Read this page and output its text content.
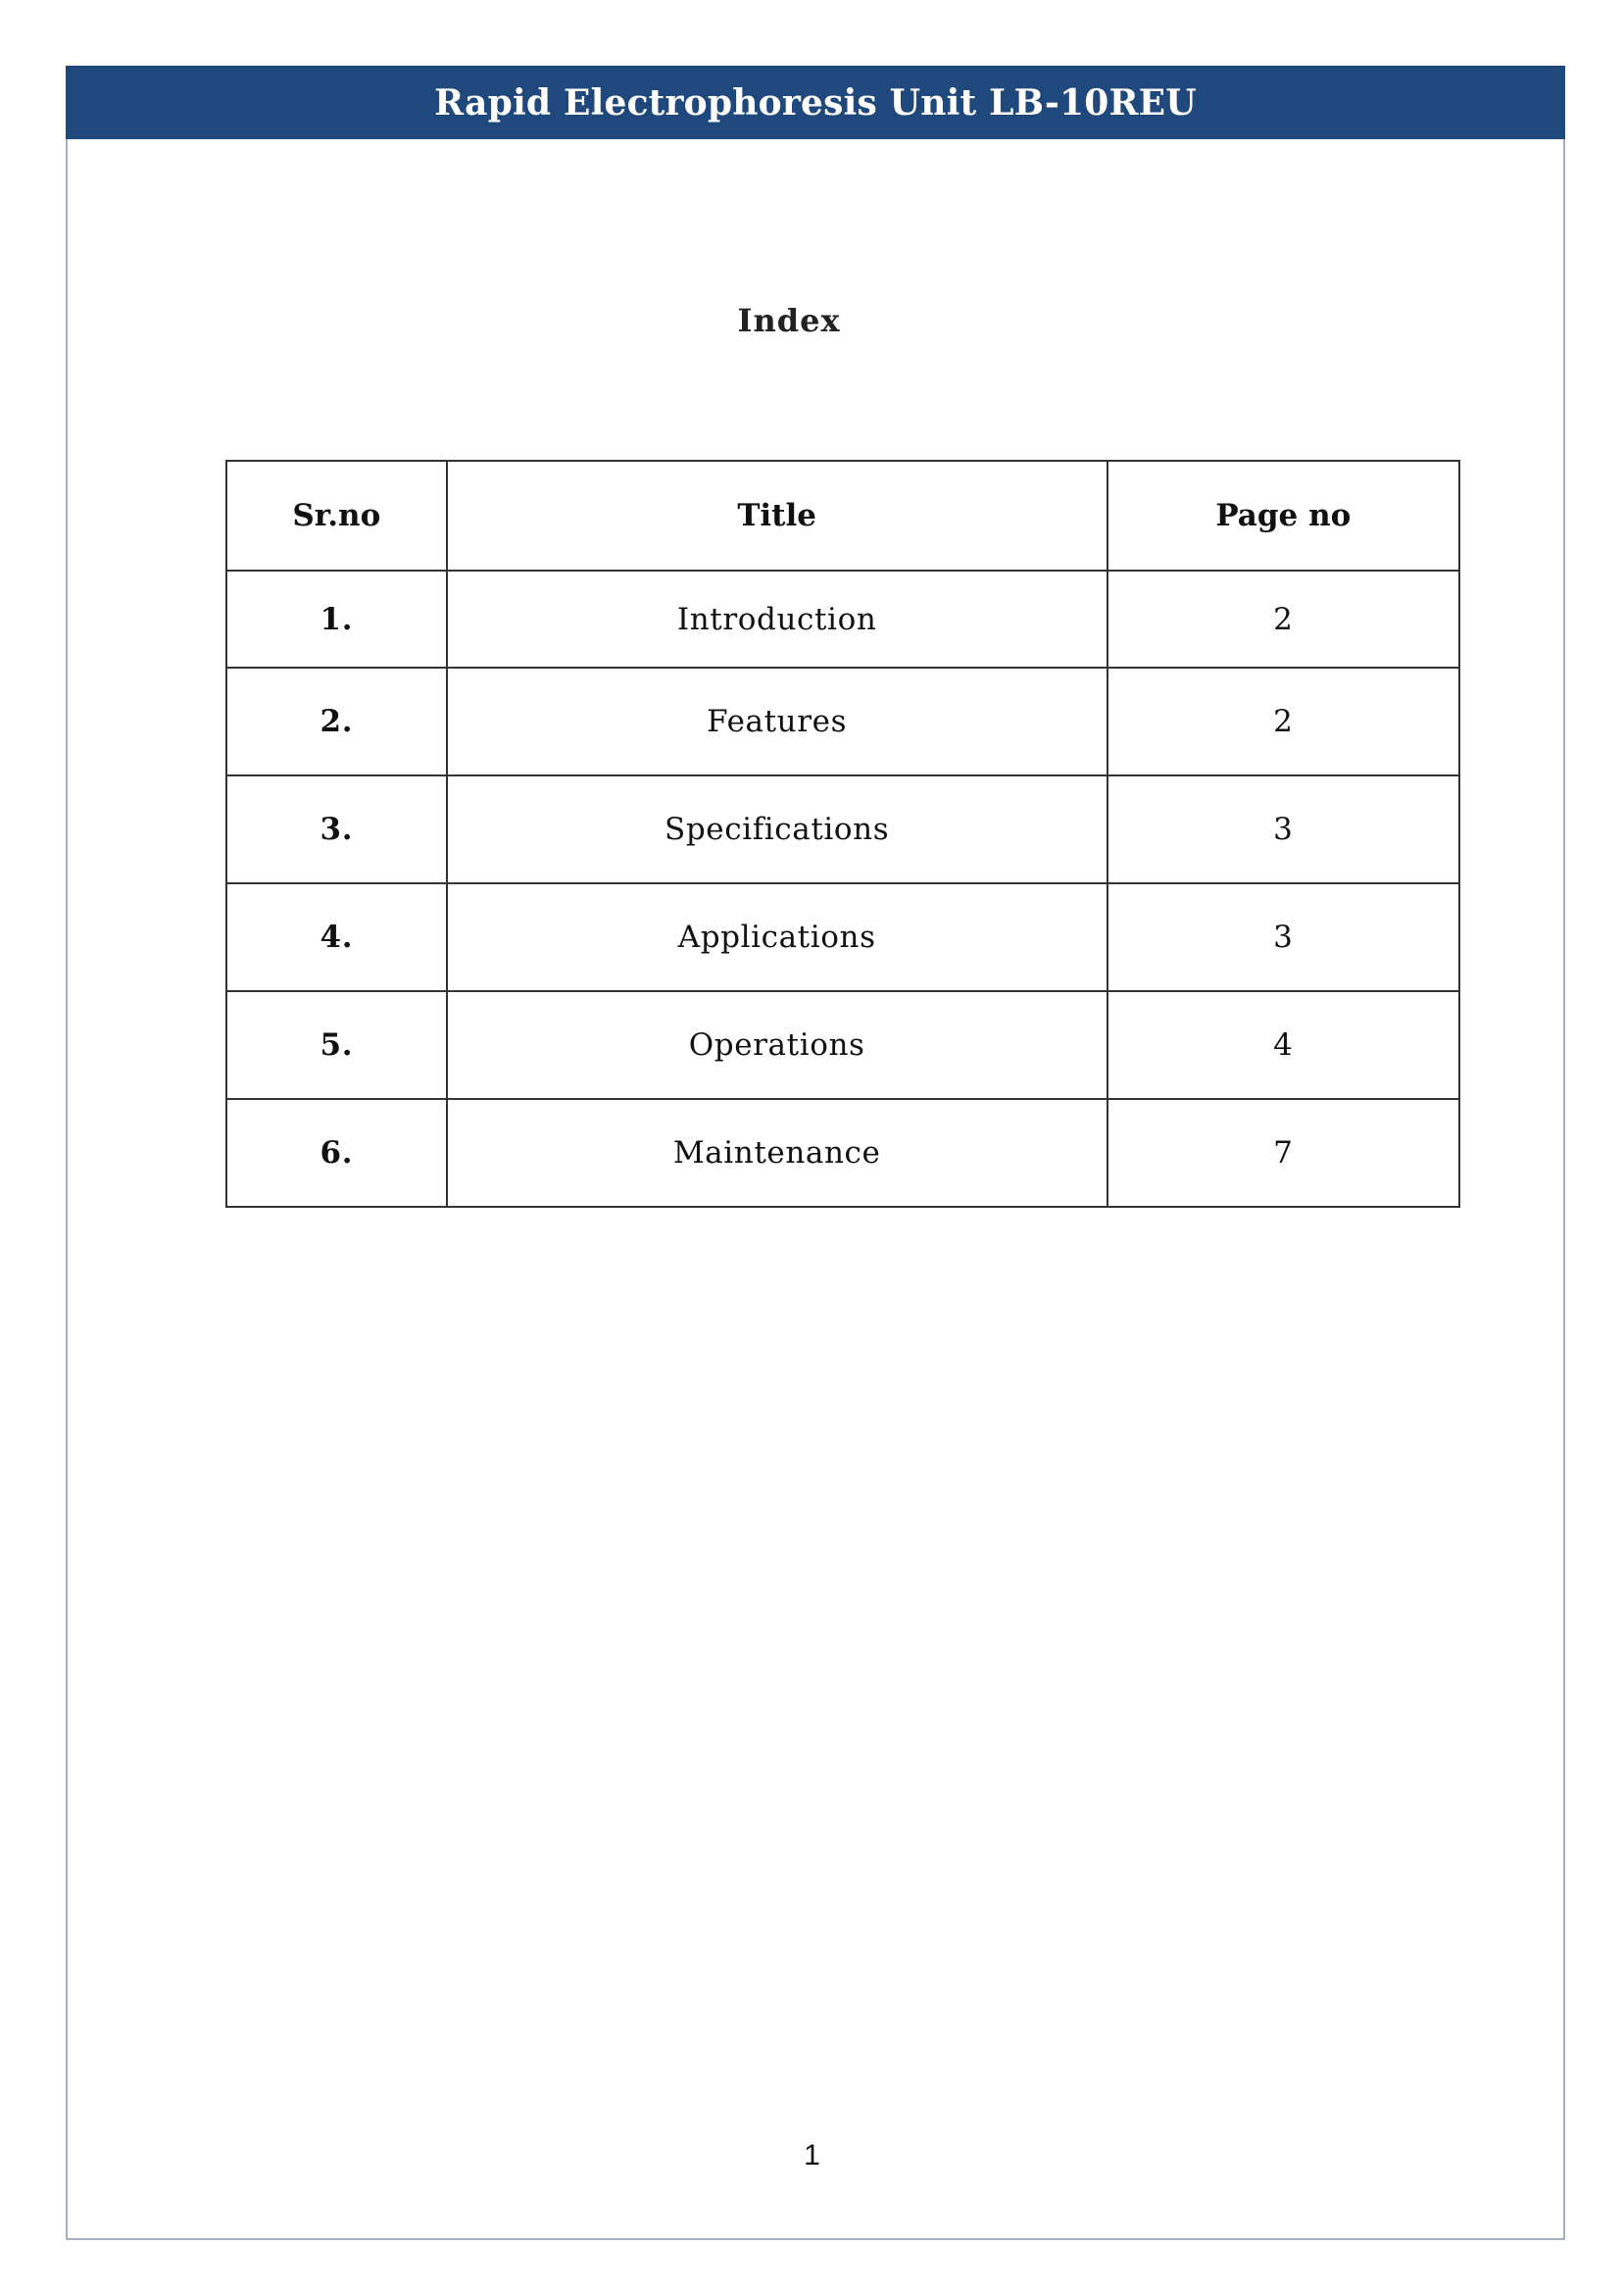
Rapid Electrophoresis Unit LB-10REU
Index
Sr.no	Title	Page no
1.	Introduction	2
2.	Features	2
3.	Specifications	3
4.	Applications	3
5.	Operations	4
6.	Maintenance	7
1
